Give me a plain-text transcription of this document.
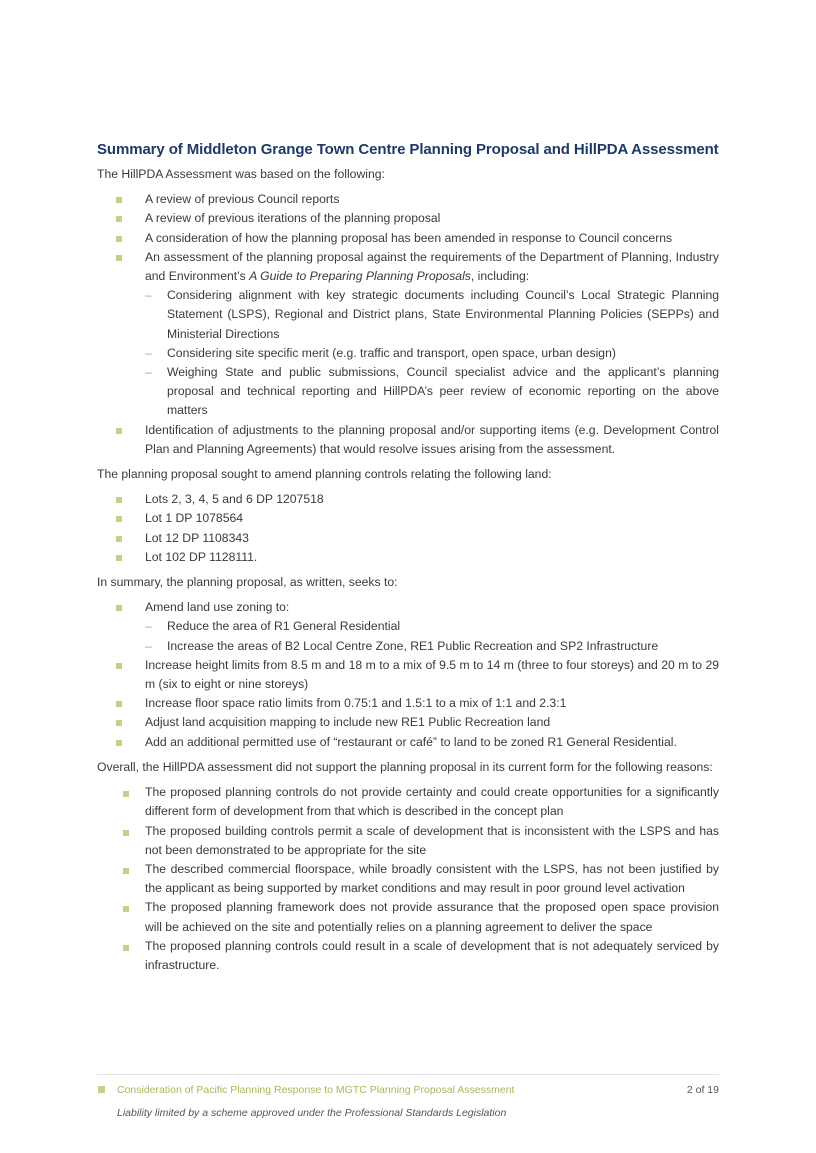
Summary of Middleton Grange Town Centre Planning Proposal and HillPDA Assessment

The HillPDA Assessment was based on the following:

A review of previous Council reports
A review of previous iterations of the planning proposal
A consideration of how the planning proposal has been amended in response to Council concerns
An assessment of the planning proposal against the requirements of the Department of Planning, Industry and Environment’s A Guide to Preparing Planning Proposals, including:
– Considering alignment with key strategic documents including Council’s Local Strategic Planning Statement (LSPS), Regional and District plans, State Environmental Planning Policies (SEPPs) and Ministerial Directions
– Considering site specific merit (e.g. traffic and transport, open space, urban design)
– Weighing State and public submissions, Council specialist advice and the applicant’s planning proposal and technical reporting and HillPDA’s peer review of economic reporting on the above matters
Identification of adjustments to the planning proposal and/or supporting items (e.g. Development Control Plan and Planning Agreements) that would resolve issues arising from the assessment.

The planning proposal sought to amend planning controls relating the following land:

Lots 2, 3, 4, 5 and 6 DP 1207518
Lot 1 DP 1078564
Lot 12 DP 1108343
Lot 102 DP 1128111.

In summary, the planning proposal, as written, seeks to:

Amend land use zoning to:
– Reduce the area of R1 General Residential
– Increase the areas of B2 Local Centre Zone, RE1 Public Recreation and SP2 Infrastructure
Increase height limits from 8.5 m and 18 m to a mix of 9.5 m to 14 m (three to four storeys) and 20 m to 29 m (six to eight or nine storeys)
Increase floor space ratio limits from 0.75:1 and 1.5:1 to a mix of 1:1 and 2.3:1
Adjust land acquisition mapping to include new RE1 Public Recreation land
Add an additional permitted use of “restaurant or café” to land to be zoned R1 General Residential.

Overall, the HillPDA assessment did not support the planning proposal in its current form for the following reasons:

The proposed planning controls do not provide certainty and could create opportunities for a significantly different form of development from that which is described in the concept plan
The proposed building controls permit a scale of development that is inconsistent with the LSPS and has not been demonstrated to be appropriate for the site
The described commercial floorspace, while broadly consistent with the LSPS, has not been justified by the applicant as being supported by market conditions and may result in poor ground level activation
The proposed planning framework does not provide assurance that the proposed open space provision will be achieved on the site and potentially relies on a planning agreement to deliver the space
The proposed planning controls could result in a scale of development that is not adequately serviced by infrastructure.
Consideration of Pacific Planning Response to MGTC Planning Proposal Assessment	2 of 19
Liability limited by a scheme approved under the Professional Standards Legislation
